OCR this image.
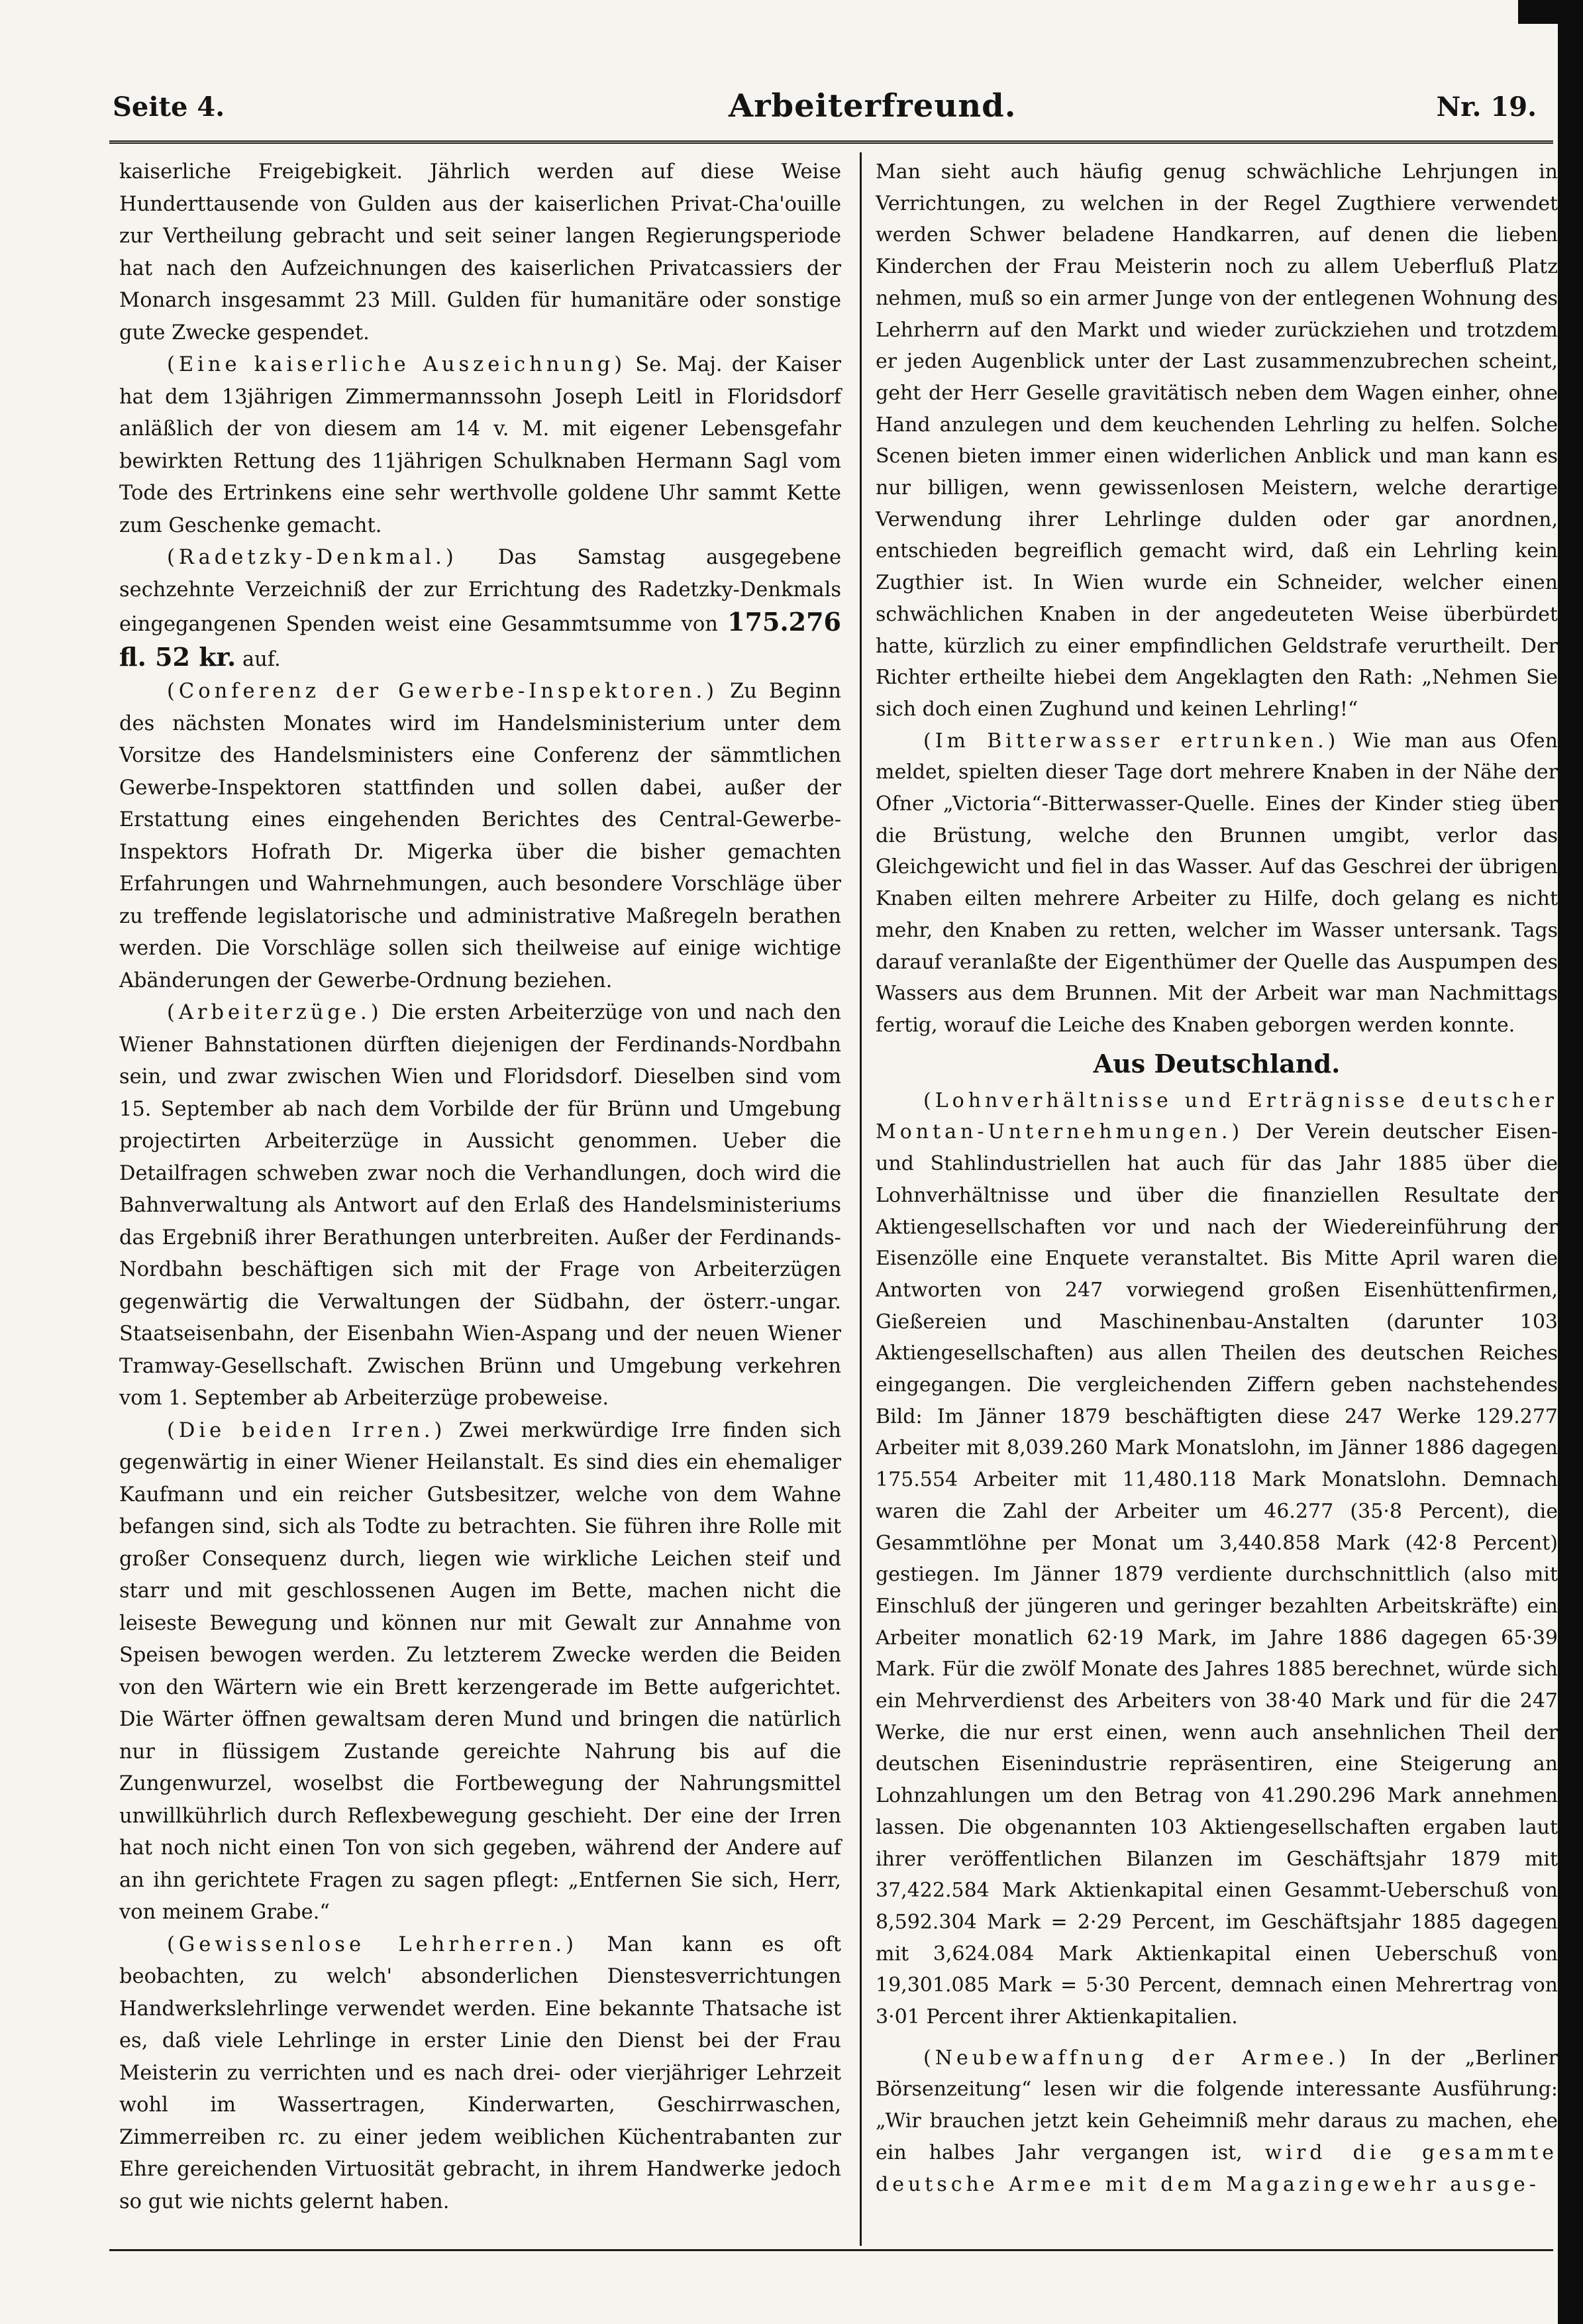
Seite 4.	Arbeiterfreund.	Nr. 19.

kaiserliche Freigebigkeit. Jährlich werden auf diese Weise Hunderttausende von Gulden aus der kaiserlichen Privat-Cha'ouille zur Vertheilung gebracht und seit seiner langen Regierungsperiode hat nach den Aufzeichnungen des kaiserlichen Privatcassiers der Monarch insgesammt 23 Mill. Gulden für humanitäre oder sonstige gute Zwecke gespendet.

(Eine kaiserliche Auszeichnung) Se. Maj. der Kaiser hat dem 13jährigen Zimmermannssohn Joseph Leitl in Floridsdorf anläßlich der von diesem am 14 v. M. mit eigener Lebensgefahr bewirkten Rettung des 11jährigen Schulknaben Hermann Sagl vom Tode des Ertrinkens eine sehr werthvolle goldene Uhr sammt Kette zum Geschenke gemacht.

(Radetzky-Denkmal.) Das Samstag ausgegebene sechzehnte Verzeichniß der zur Errichtung des Radetzky-Denkmals eingegangenen Spenden weist eine Gesammtsumme von 175.276 fl. 52 kr. auf.

(Conferenz der Gewerbe-Inspektoren.) Zu Beginn des nächsten Monates wird im Handelsministerium unter dem Vorsitze des Handelsministers eine Conferenz der sämmtlichen Gewerbe-Inspektoren stattfinden und sollen dabei, außer der Erstattung eines eingehenden Berichtes des Central-Gewerbe-Inspektors Hofrath Dr. Migerka über die bisher gemachten Erfahrungen und Wahrnehmungen, auch besondere Vorschläge über zu treffende legislatorische und administrative Maßregeln berathen werden. Die Vorschläge sollen sich theilweise auf einige wichtige Abänderungen der Gewerbe-Ordnung beziehen.

(Arbeiterzüge.) Die ersten Arbeiterzüge von und nach den Wiener Bahnstationen dürften diejenigen der Ferdinands-Nordbahn sein, und zwar zwischen Wien und Floridsdorf. Dieselben sind vom 15. September ab nach dem Vorbilde der für Brünn und Umgebung projectirten Arbeiterzüge in Aussicht genommen. Ueber die Detailfragen schweben zwar noch die Verhandlungen, doch wird die Bahnverwaltung als Antwort auf den Erlaß des Handelsministeriums das Ergebniß ihrer Berathungen unterbreiten. Außer der Ferdinands-Nordbahn beschäftigen sich mit der Frage von Arbeiterzügen gegenwärtig die Verwaltungen der Südbahn, der österr.-ungar. Staatseisenbahn, der Eisenbahn Wien-Aspang und der neuen Wiener Tramway-Gesellschaft. Zwischen Brünn und Umgebung verkehren vom 1. September ab Arbeiterzüge probeweise.

(Die beiden Irren.) Zwei merkwürdige Irre finden sich gegenwärtig in einer Wiener Heilanstalt. Es sind dies ein ehemaliger Kaufmann und ein reicher Gutsbesitzer, welche von dem Wahne befangen sind, sich als Todte zu betrachten. Sie führen ihre Rolle mit großer Consequenz durch, liegen wie wirkliche Leichen steif und starr und mit geschlossenen Augen im Bette, machen nicht die leiseste Bewegung und können nur mit Gewalt zur Annahme von Speisen bewogen werden. Zu letzterem Zwecke werden die Beiden von den Wärtern wie ein Brett kerzengerade im Bette aufgerichtet. Die Wärter öffnen gewaltsam deren Mund und bringen die natürlich nur in flüssigem Zustande gereichte Nahrung bis auf die Zungenwurzel, woselbst die Fortbewegung der Nahrungsmittel unwillkührlich durch Reflexbewegung geschieht. Der eine der Irren hat noch nicht einen Ton von sich gegeben, während der Andere auf an ihn gerichtete Fragen zu sagen pflegt: „Entfernen Sie sich, Herr, von meinem Grabe.“

(Gewissenlose Lehrherren.) Man kann es oft beobachten, zu welch' absonderlichen Dienstesverrichtungen Handwerkslehrlinge verwendet werden. Eine bekannte Thatsache ist es, daß viele Lehrlinge in erster Linie den Dienst bei der Frau Meisterin zu verrichten und es nach drei- oder vierjähriger Lehrzeit wohl im Wassertragen, Kinderwarten, Geschirrwaschen, Zimmerreiben rc. zu einer jedem weiblichen Küchentrabanten zur Ehre gereichenden Virtuosität gebracht, in ihrem Handwerke jedoch so gut wie nichts gelernt haben.

Man sieht auch häufig genug schwächliche Lehrjungen in Verrichtungen, zu welchen in der Regel Zugthiere verwendet werden Schwer beladene Handkarren, auf denen die lieben Kinderchen der Frau Meisterin noch zu allem Ueberfluß Platz nehmen, muß so ein armer Junge von der entlegenen Wohnung des Lehrherrn auf den Markt und wieder zurückziehen und trotzdem er jeden Augenblick unter der Last zusammenzubrechen scheint, geht der Herr Geselle gravitätisch neben dem Wagen einher, ohne Hand anzulegen und dem keuchenden Lehrling zu helfen. Solche Scenen bieten immer einen widerlichen Anblick und man kann es nur billigen, wenn gewissenlosen Meistern, welche derartige Verwendung ihrer Lehrlinge dulden oder gar anordnen, entschieden begreiflich gemacht wird, daß ein Lehrling kein Zugthier ist. In Wien wurde ein Schneider, welcher einen schwächlichen Knaben in der angedeuteten Weise überbürdet hatte, kürzlich zu einer empfindlichen Geldstrafe verurtheilt. Der Richter ertheilte hiebei dem Angeklagten den Rath: „Nehmen Sie sich doch einen Zughund und keinen Lehrling!“

(Im Bitterwasser ertrunken.) Wie man aus Ofen meldet, spielten dieser Tage dort mehrere Knaben in der Nähe der Ofner „Victoria“-Bitterwasser-Quelle. Eines der Kinder stieg über die Brüstung, welche den Brunnen umgibt, verlor das Gleichgewicht und fiel in das Wasser. Auf das Geschrei der übrigen Knaben eilten mehrere Arbeiter zu Hilfe, doch gelang es nicht mehr, den Knaben zu retten, welcher im Wasser untersank. Tags darauf veranlaßte der Eigenthümer der Quelle das Auspumpen des Wassers aus dem Brunnen. Mit der Arbeit war man Nachmittags fertig, worauf die Leiche des Knaben geborgen werden konnte.

Aus Deutschland.

(Lohnverhältnisse und Erträgnisse deutscher Montan-Unternehmungen.) Der Verein deutscher Eisen- und Stahlindustriellen hat auch für das Jahr 1885 über die Lohnverhältnisse und über die finanziellen Resultate der Aktiengesellschaften vor und nach der Wiedereinführung der Eisenzölle eine Enquete veranstaltet. Bis Mitte April waren die Antworten von 247 vorwiegend großen Eisenhüttenfirmen, Gießereien und Maschinenbau-Anstalten (darunter 103 Aktiengesellschaften) aus allen Theilen des deutschen Reiches eingegangen. Die vergleichenden Ziffern geben nachstehendes Bild: Im Jänner 1879 beschäftigten diese 247 Werke 129.277 Arbeiter mit 8,039.260 Mark Monatslohn, im Jänner 1886 dagegen 175.554 Arbeiter mit 11,480.118 Mark Monatslohn. Demnach waren die Zahl der Arbeiter um 46.277 (35·8 Percent), die Gesammtlöhne per Monat um 3,440.858 Mark (42·8 Percent) gestiegen. Im Jänner 1879 verdiente durchschnittlich (also mit Einschluß der jüngeren und geringer bezahlten Arbeitskräfte) ein Arbeiter monatlich 62·19 Mark, im Jahre 1886 dagegen 65·39 Mark. Für die zwölf Monate des Jahres 1885 berechnet, würde sich ein Mehrverdienst des Arbeiters von 38·40 Mark und für die 247 Werke, die nur erst einen, wenn auch ansehnlichen Theil der deutschen Eisenindustrie repräsentiren, eine Steigerung an Lohnzahlungen um den Betrag von 41.290.296 Mark annehmen lassen. Die obgenannten 103 Aktiengesellschaften ergaben laut ihrer veröffentlichen Bilanzen im Geschäftsjahr 1879 mit 37,422.584 Mark Aktienkapital einen Gesammt-Ueberschuß von 8,592.304 Mark = 2·29 Percent, im Geschäftsjahr 1885 dagegen mit 3,624.084 Mark Aktienkapital einen Ueberschuß von 19,301.085 Mark = 5·30 Percent, demnach einen Mehrertrag von 3·01 Percent ihrer Aktienkapitalien.

(Neubewaffnung der Armee.) In der „Berliner Börsenzeitung“ lesen wir die folgende interessante Ausführung: „Wir brauchen jetzt kein Geheimniß mehr daraus zu machen, ehe ein halbes Jahr vergangen ist, wird die gesammte deutsche Armee mit dem Magazingewehr ausge-
